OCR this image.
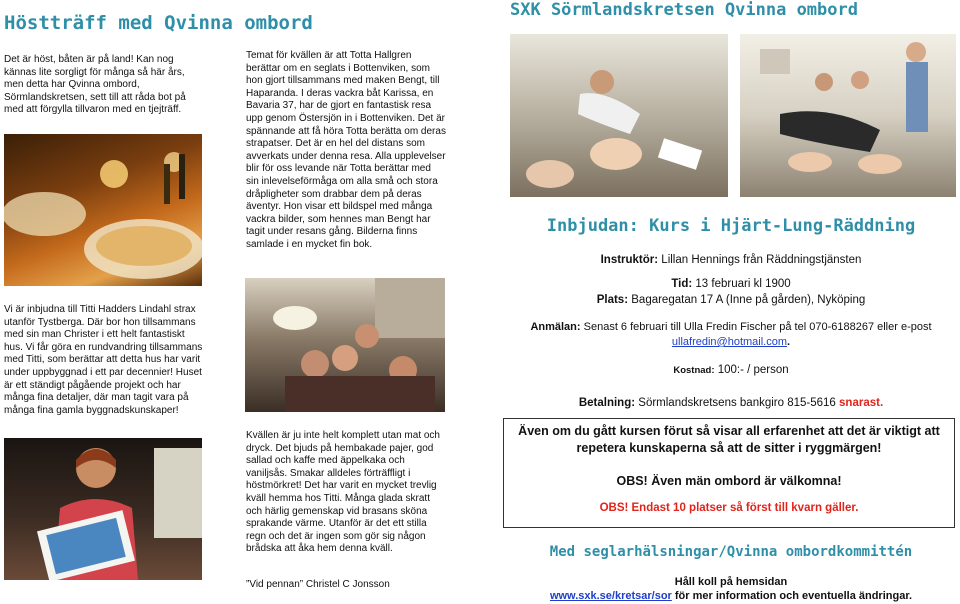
Höstträff med Qvinna ombord
Det är höst, båten är på land! Kan nog kännas lite sorgligt för många så här års, men detta har Qvinna ombord, Sörmlandskretsen, sett till att råda bot på med att förgylla tillvaron med en tjejträff.
Vi är inbjudna till Titti Hadders Lindahl strax utanför Tystberga. Där bor hon tillsammans med sin man Christer i ett helt fantastiskt hus. Vi får göra en rundvandring tillsammans med Titti, som berättar att detta hus har varit under uppbyggnad i ett par decennier! Huset är ett ständigt pågående projekt och har många fina detaljer, där man tagit vara på många fina gamla byggnadskunskaper!
Temat för kvällen är att Totta Hallgren berättar om en seglats i Bottenviken, som hon gjort tillsammans med maken Bengt, till Haparanda. I deras vackra båt Karissa, en Bavaria 37, har de gjort en fantastisk resa upp genom Östersjön in i Bottenviken. Det är spännande att få höra Totta berätta om deras strapatser. Det är en hel del distans som avverkats under denna resa. Alla upplevelser blir för oss levande när Totta berättar med sin inlevelseförmåga om alla små och stora dråpligheter som drabbar dem på deras äventyr. Hon visar ett bildspel med många vackra bilder, som hennes man Bengt har tagit under resans gång. Bilderna finns samlade i en mycket fin bok.
Kvällen är ju inte helt komplett utan mat och dryck. Det bjuds på hembakade pajer, god sallad och kaffe med äppelkaka och vaniljsås. Smakar alldeles förträffligt i höstmörkret! Det har varit en mycket trevlig kväll hemma hos Titti. Många glada skratt och härlig gemenskap vid brasans sköna sprakande värme. Utanför är det ett stilla regn och det är ingen som gör sig någon brådska att åka hem denna kväll.
”Vid pennan” Christel C Jonsson
SXK Sörmlandskretsen Qvinna ombord
Inbjudan: Kurs i Hjärt-Lung-Räddning
Instruktör: Lillan Hennings från Räddningstjänsten
Tid: 13 februari kl 1900
Plats: Bagaregatan 17 A (Inne på gården), Nyköping
Anmälan: Senast 6 februari till Ulla Fredin Fischer på tel 070-6188267 eller e-post
ullafredin@hotmail.com.
Kostnad: 100:- / person
Betalning: Sörmlandskretsens bankgiro 815-5616 snarast.
Även om du gått kursen förut så visar all erfarenhet att det är viktigt att repetera kunskaperna så att de sitter i ryggmärgen!
OBS! Även män ombord är välkomna!
OBS! Endast 10 platser så först till kvarn gäller.
Med seglarhälsningar/Qvinna ombordkommittén
Håll koll på hemsidan
www.sxk.se/kretsar/sor för mer information och eventuella ändringar.
